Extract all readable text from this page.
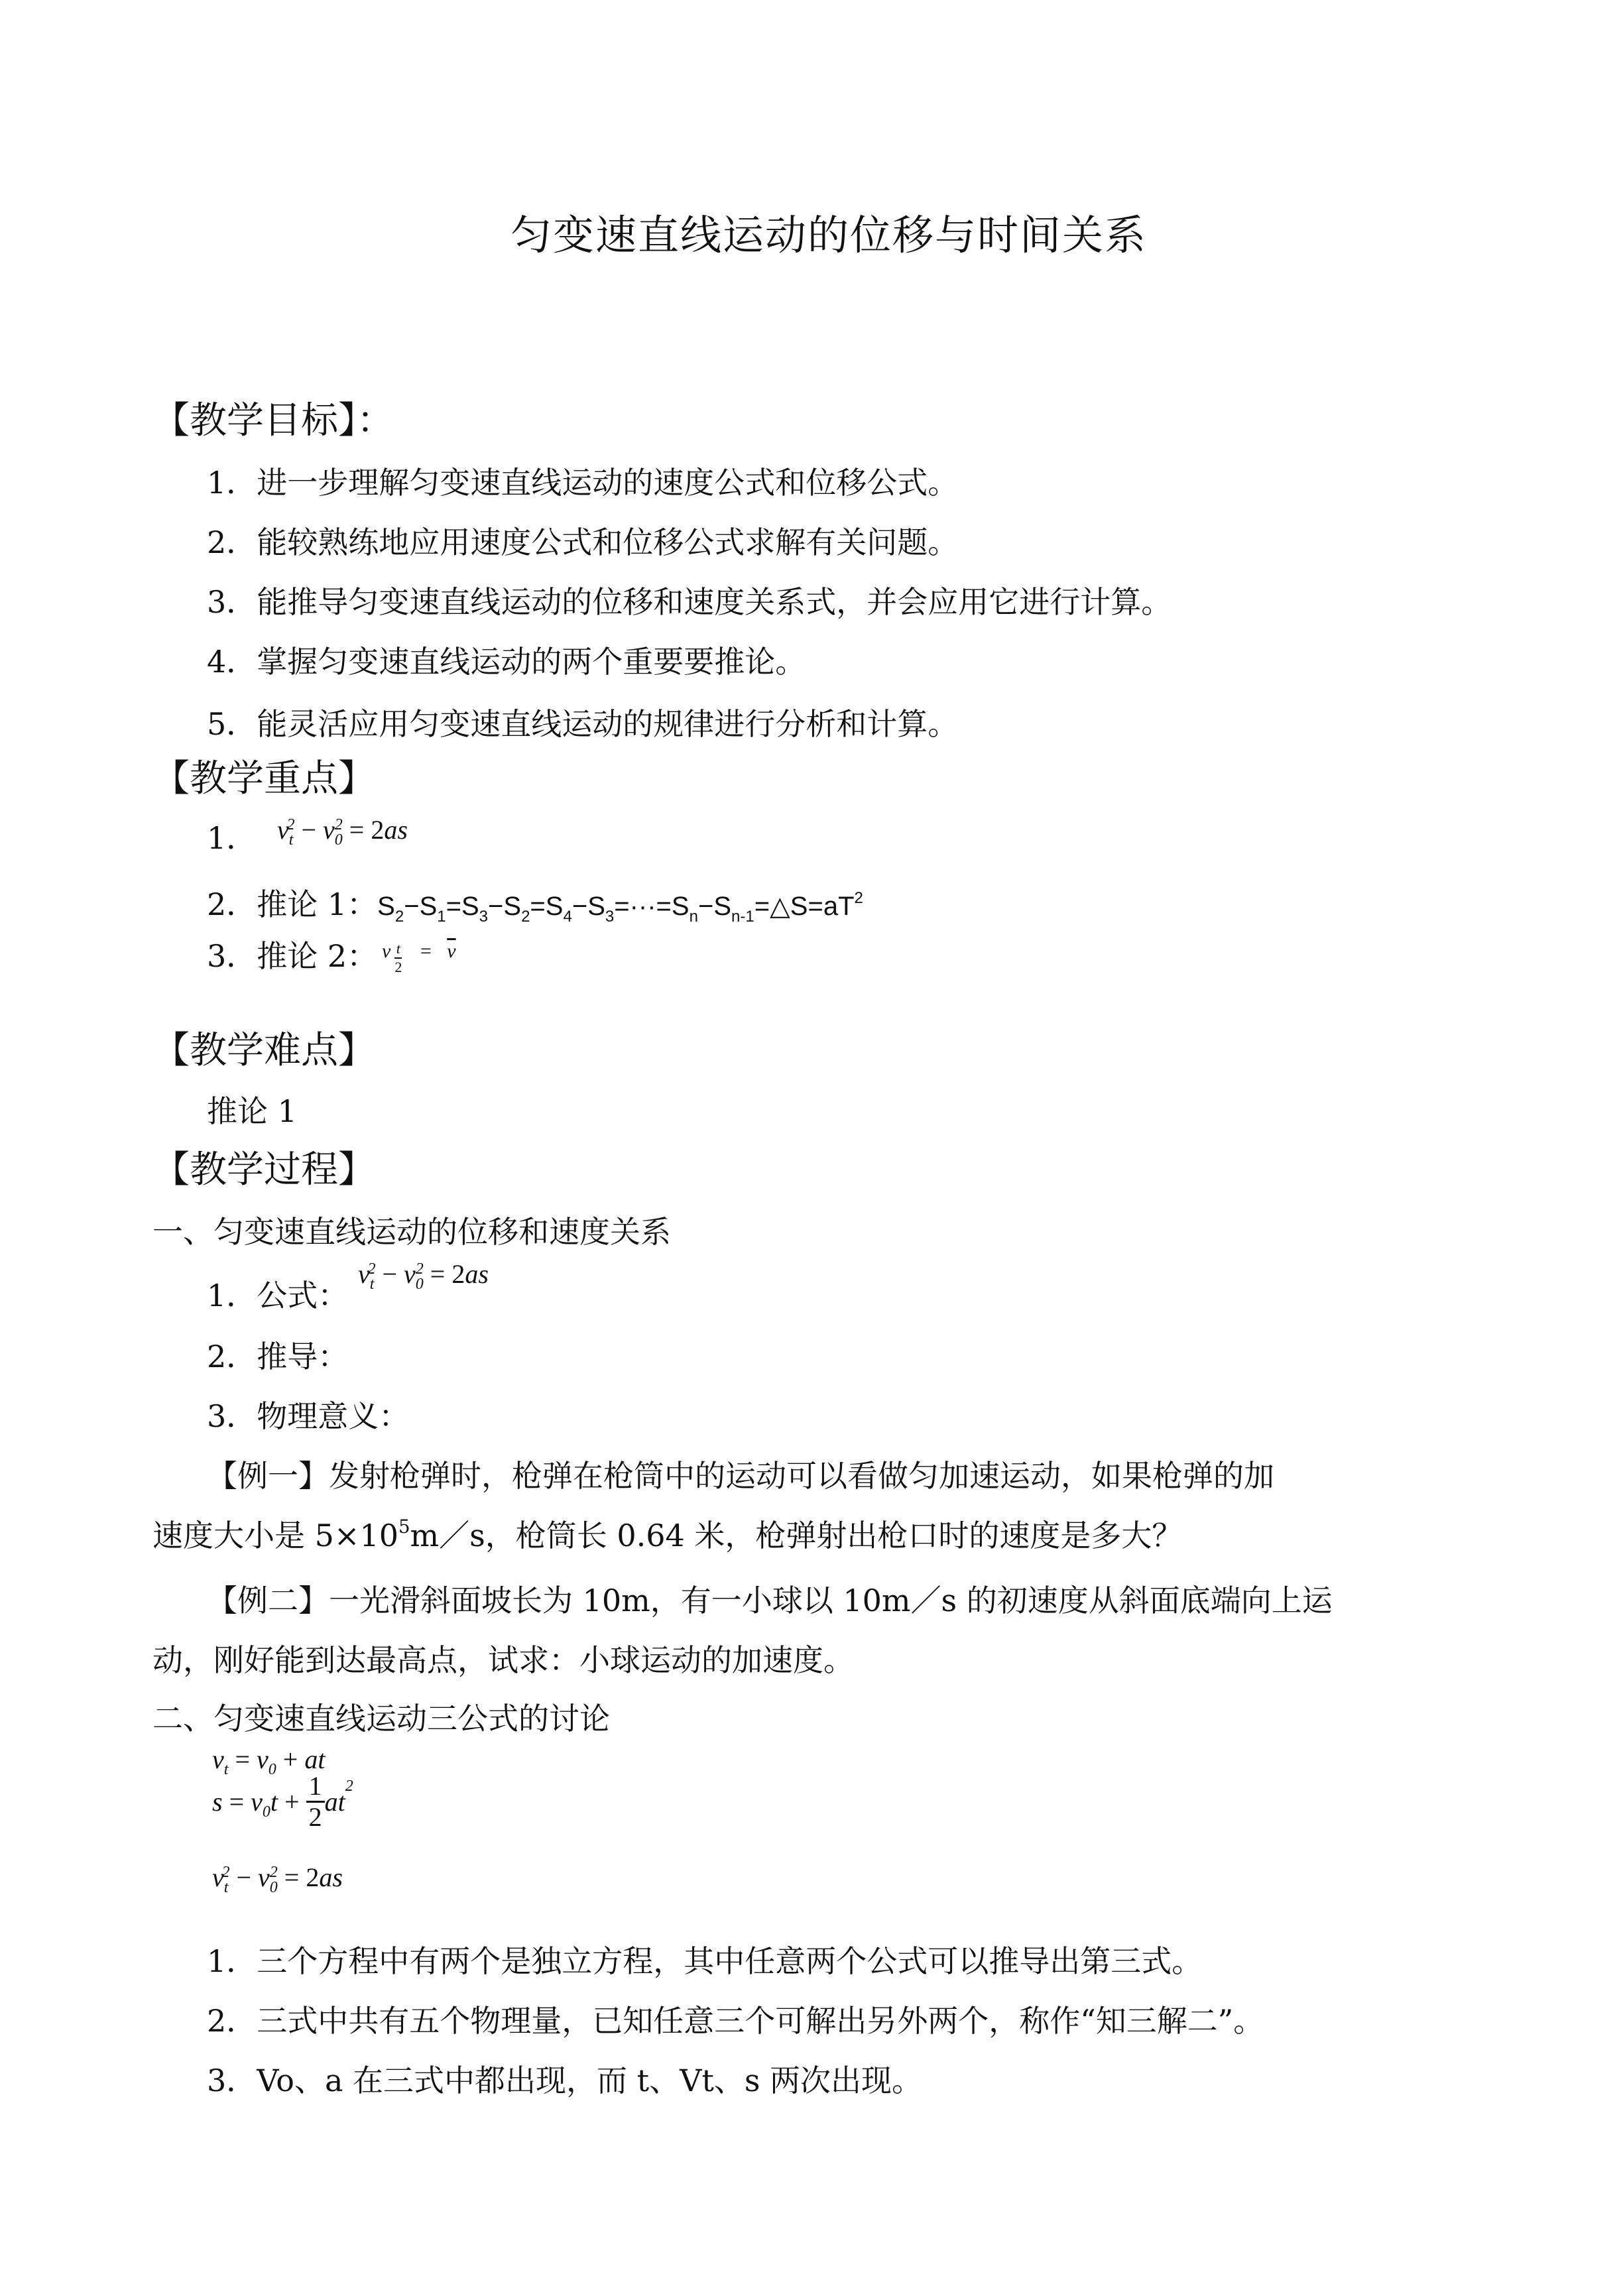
匀变速直线运动的位移与时间关系
【教学目标】：
1．进一步理解匀变速直线运动的速度公式和位移公式。
2．能较熟练地应用速度公式和位移公式求解有关问题。
3．能推导匀变速直线运动的位移和速度关系式，并会应用它进行计算。
4．掌握匀变速直线运动的两个重要要推论。
5．能灵活应用匀变速直线运动的规律进行分析和计算。
【教学重点】
1． $v_t^2 - v_0^2 = 2as$
2．推论 1：$S_2-S_1=S_3-S_2=S_4-S_3=\cdot\cdot\cdot=S_n-S_{n-1}=\triangle S=aT^2$
3．推论 2： v $\frac{t}{2} = \overline{v}$
【教学难点】
推论 1
【教学过程】
一、匀变速直线运动的位移和速度关系
1．公式：
$v_t^2 - v_0^2 = 2as$
2．推导：
3．物理意义：
【例一】发射枪弹时，枪弹在枪筒中的运动可以看做匀加速运动，如果枪弹的加
速度大小是 $5\times 10^5m/s$，枪筒长 0.64 米，枪弹射出枪口时的速度是多大？
【例二】一光滑斜面坡长为 10m，有一小球以 10m／s 的初速度从斜面底端向上运
动，刚好能到达最高点，试求：小球运动的加速度。
二、匀变速直线运动三公式的讨论
$v_t = v_0$ + at
$s = v_0t + \frac{1}{2} at^2$
$v_t^2 - v_0^2 = 2as$
1．三个方程中有两个是独立方程，其中任意两个公式可以推导出第三式。
2．三式中共有五个物理量，已知任意三个可解出另外两个，称作“知三解二”。
3．Vo、a 在三式中都出现，而 t、Vt、s 两次出现。
